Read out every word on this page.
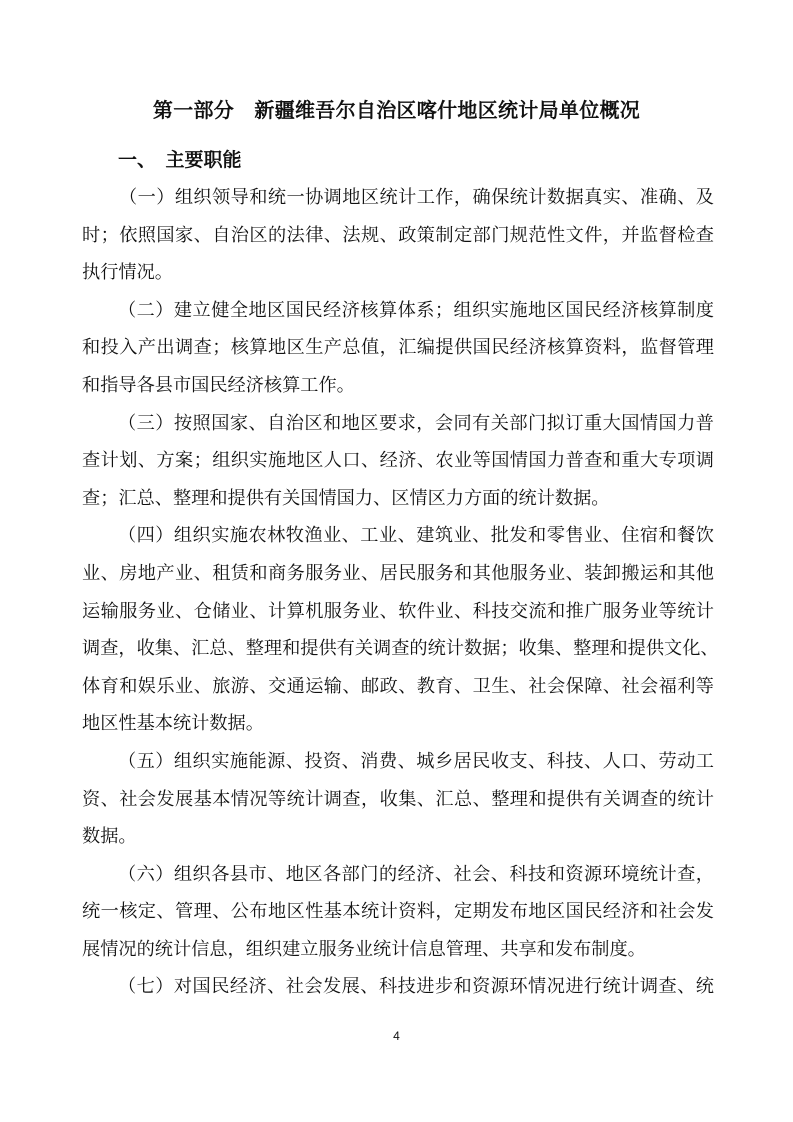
第一部分　新疆维吾尔自治区喀什地区统计局单位概况
一、　主要职能

（一）组织领导和统一协调地区统计工作，确保统计数据真实、准确、及
时；依照国家、自治区的法律、法规、政策制定部门规范性文件，并监督检查
执行情况。

（二）建立健全地区国民经济核算体系；组织实施地区国民经济核算制度
和投入产出调查；核算地区生产总值，汇编提供国民经济核算资料，监督管理
和指导各县市国民经济核算工作。

（三）按照国家、自治区和地区要求，会同有关部门拟订重大国情国力普
查计划、方案；组织实施地区人口、经济、农业等国情国力普查和重大专项调
查；汇总、整理和提供有关国情国力、区情区力方面的统计数据。

（四）组织实施农林牧渔业、工业、建筑业、批发和零售业、住宿和餐饮
业、房地产业、租赁和商务服务业、居民服务和其他服务业、装卸搬运和其他
运输服务业、仓储业、计算机服务业、软件业、科技交流和推广服务业等统计
调查，收集、汇总、整理和提供有关调查的统计数据；收集、整理和提供文化、
体育和娱乐业、旅游、交通运输、邮政、教育、卫生、社会保障、社会福利等
地区性基本统计数据。

（五）组织实施能源、投资、消费、城乡居民收支、科技、人口、劳动工
资、社会发展基本情况等统计调查，收集、汇总、整理和提供有关调查的统计
数据。

（六）组织各县市、地区各部门的经济、社会、科技和资源环境统计查，
统一核定、管理、公布地区性基本统计资料，定期发布地区国民经济和社会发
展情况的统计信息，组织建立服务业统计信息管理、共享和发布制度。

（七）对国民经济、社会发展、科技进步和资源环情况进行统计调查、统

4
